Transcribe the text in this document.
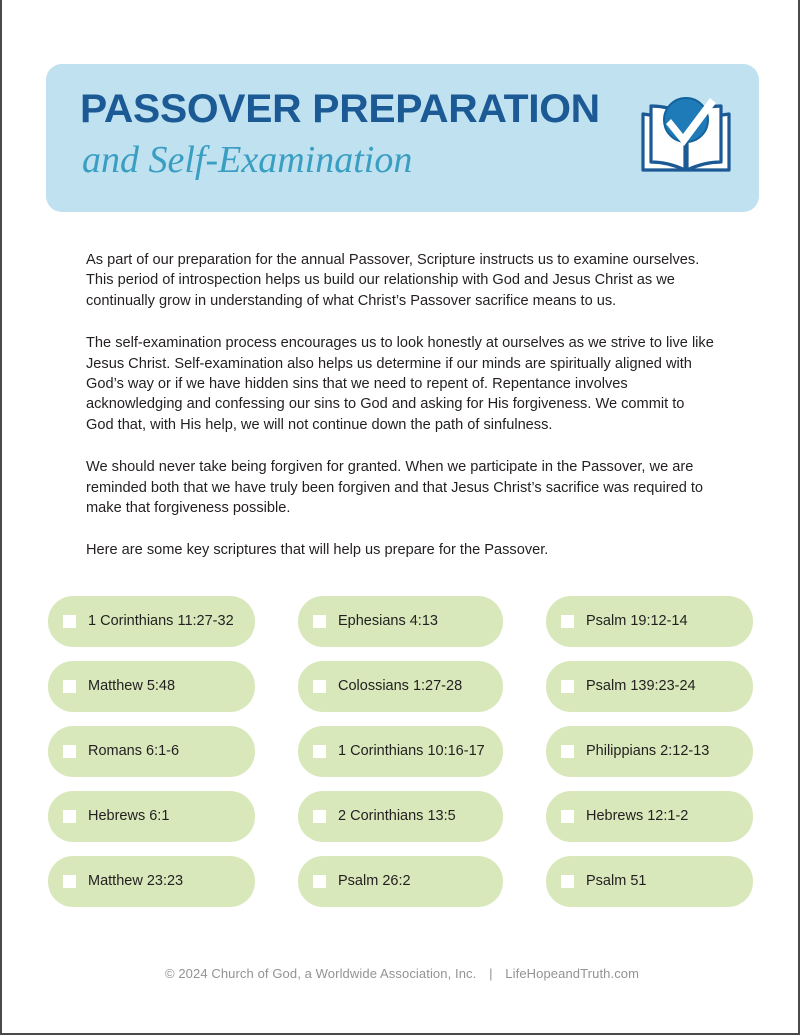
PASSOVER PREPARATION
and Self-Examination

As part of our preparation for the annual Passover, Scripture instructs us to examine ourselves. This period of introspection helps us build our relationship with God and Jesus Christ as we continually grow in understanding of what Christ’s Passover sacrifice means to us.

The self-examination process encourages us to look honestly at ourselves as we strive to live like Jesus Christ. Self-examination also helps us determine if our minds are spiritually aligned with God’s way or if we have hidden sins that we need to repent of. Repentance involves acknowledging and confessing our sins to God and asking for His forgiveness. We commit to God that, with His help, we will not continue down the path of sinfulness.

We should never take being forgiven for granted. When we participate in the Passover, we are reminded both that we have truly been forgiven and that Jesus Christ’s sacrifice was required to make that forgiveness possible.

Here are some key scriptures that will help us prepare for the Passover.

1 Corinthians 11:27-32	Ephesians 4:13	Psalm 19:12-14
Matthew 5:48	Colossians 1:27-28	Psalm 139:23-24
Romans 6:1-6	1 Corinthians 10:16-17	Philippians 2:12-13
Hebrews 6:1	2 Corinthians 13:5	Hebrews 12:1-2
Matthew 23:23	Psalm 26:2	Psalm 51
© 2024 Church of God, a Worldwide Association, Inc. | LifeHopeandTruth.com
